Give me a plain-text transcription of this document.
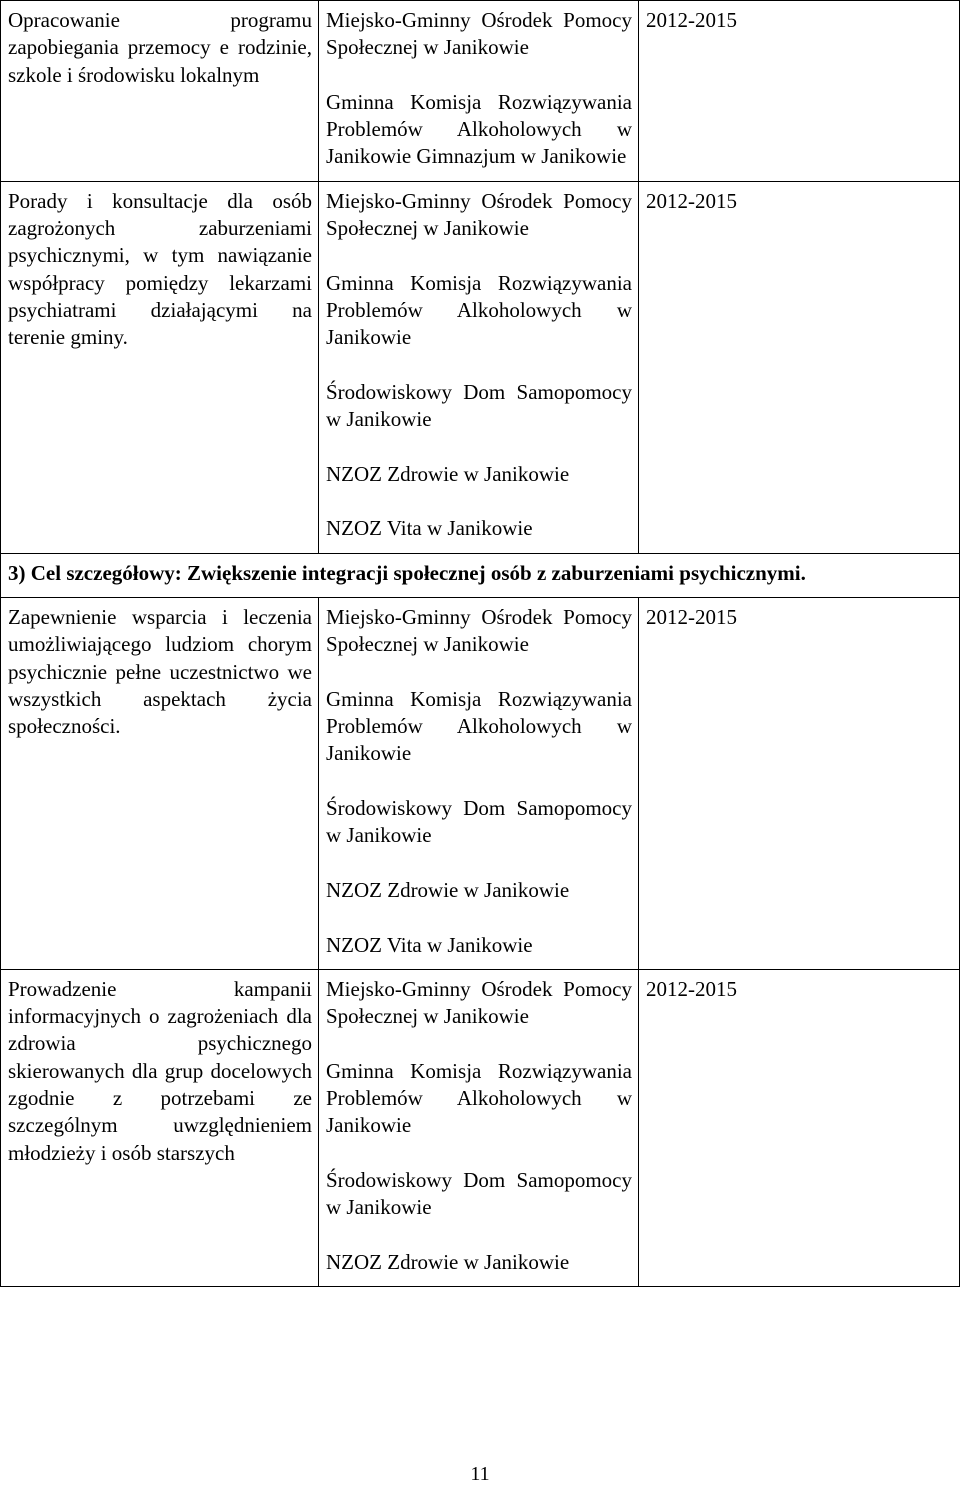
Opracowanie programu zapobiegania przemocy e rodzinie, szkole i środowisku lokalnym	Miejsko-Gminny Ośrodek Pomocy Społecznej w Janikowie
Gminna Komisja Rozwiązywania Problemów Alkoholowych w Janikowie Gimnazjum w Janikowie	2012-2015

Porady i konsultacje dla osób zagrożonych zaburzeniami psychicznymi, w tym nawiązanie współpracy pomiędzy lekarzami psychiatrami działającymi na terenie gminy.	Miejsko-Gminny Ośrodek Pomocy Społecznej w Janikowie
Gminna Komisja Rozwiązywania Problemów Alkoholowych w Janikowie
Środowiskowy Dom Samopomocy w Janikowie
NZOZ Zdrowie w Janikowie
NZOZ Vita w Janikowie	2012-2015

3) Cel szczegółowy: Zwiększenie integracji społecznej osób z zaburzeniami psychicznymi.		

Zapewnienie wsparcia i leczenia umożliwiającego ludziom chorym psychicznie pełne uczestnictwo we wszystkich aspektach życia społeczności.	Miejsko-Gminny Ośrodek Pomocy Społecznej w Janikowie
Gminna Komisja Rozwiązywania Problemów Alkoholowych w Janikowie
Środowiskowy Dom Samopomocy w Janikowie
NZOZ Zdrowie w Janikowie
NZOZ Vita w Janikowie	2012-2015

Prowadzenie kampanii informacyjnych o zagrożeniach dla zdrowia psychicznego skierowanych dla grup docelowych zgodnie z potrzebami ze szczególnym uwzględnieniem młodzieży i osób starszych	Miejsko-Gminny Ośrodek Pomocy Społecznej w Janikowie
Gminna Komisja Rozwiązywania Problemów Alkoholowych w Janikowie
Środowiskowy Dom Samopomocy w Janikowie
NZOZ Zdrowie w Janikowie	2012-2015
11
